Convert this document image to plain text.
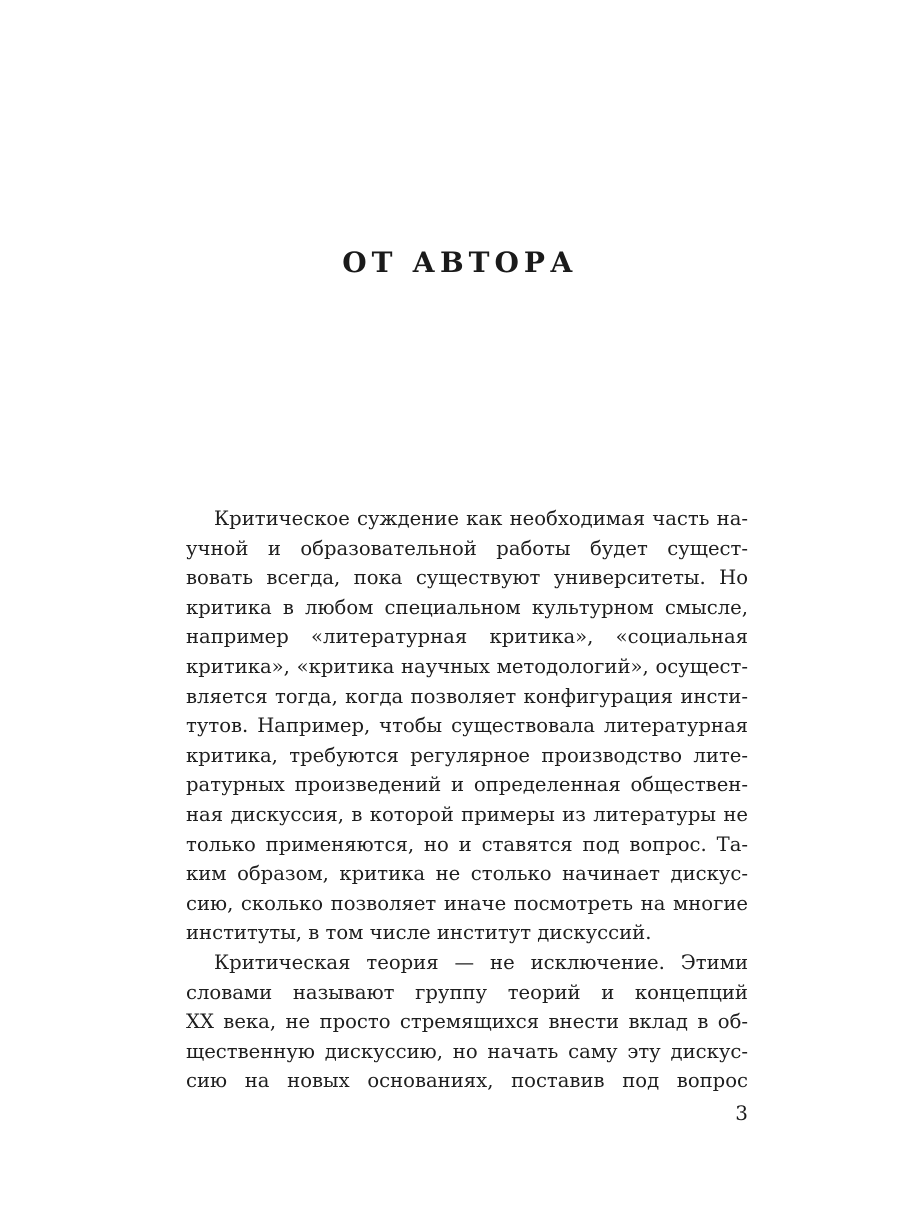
ОТ АВТОРА
Критическое суждение как необходимая часть на-
учной и образовательной работы будет сущест-
вовать всегда, пока существуют университеты. Но
критика в любом специальном культурном смысле,
например «литературная критика», «социальная
критика», «критика научных методологий», осущест-
вляется тогда, когда позволяет конфигурация инсти-
тутов. Например, чтобы существовала литературная
критика, требуются регулярное производство лите-
ратурных произведений и определенная обществен-
ная дискуссия, в которой примеры из литературы не
только применяются, но и ставятся под вопрос. Та-
ким образом, критика не столько начинает дискус-
сию, сколько позволяет иначе посмотреть на многие
институты, в том числе институт дискуссий.
Критическая теория — не исключение. Этими
словами называют группу теорий и концепций
XX века, не просто стремящихся внести вклад в об-
щественную дискуссию, но начать саму эту дискус-
сию на новых основаниях, поставив под вопрос
3
